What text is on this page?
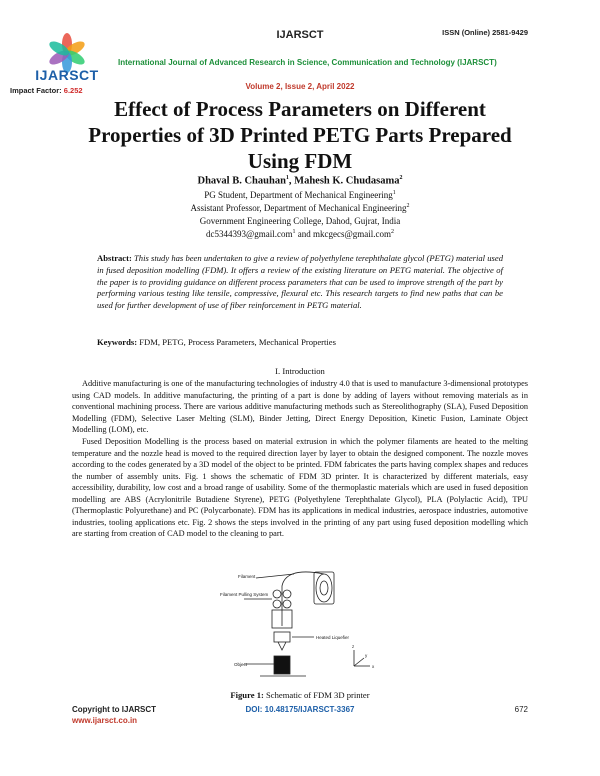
IJARSCT
Impact Factor: 6.252
IJARSCT	ISSN (Online) 2581-9429
International Journal of Advanced Research in Science, Communication and Technology (IJARSCT)
Volume 2, Issue 2, April 2022
Effect of Process Parameters on Different Properties of 3D Printed PETG Parts Prepared Using FDM
Dhaval B. Chauhan$^1$, Mahesh K. Chudasama$^2$
PG Student, Department of Mechanical Engineering$^1$
Assistant Professor, Department of Mechanical Engineering$^2$
Government Engineering College, Dahod, Gujrat, India
dc5344393@gmail.com$^1$ and mkcgecs@gmail.com$^2$
Abstract: This study has been undertaken to give a review of polyethylene terephthalate glycol (PETG) material used in fused deposition modelling (FDM). It offers a review of the existing literature on PETG material. The objective of the paper is to providing guidance on different process parameters that can be used to improve strength of the part by performing various testing like tensile, compressive, flexural etc. This research targets to find new paths that can be used for further development of use of fiber reinforcement in PETG material.
Keywords: FDM, PETG, Process Parameters, Mechanical Properties
I. Introduction
Additive manufacturing is one of the manufacturing technologies of industry 4.0 that is used to manufacture 3-dimensional prototypes using CAD models. In additive manufacturing, the printing of a part is done by adding of layers without removing materials as in conventional machining process. There are various additive manufacturing methods such as Stereolithography (SLA), Fused Deposition Modelling (FDM), Selective Laser Melting (SLM), Binder Jetting, Direct Energy Deposition, Kinetic Fusion, Laminate Object Modelling (LOM), etc.
Fused Deposition Modelling is the process based on material extrusion in which the polymer filaments are heated to the melting temperature and the nozzle head is moved to the required direction layer by layer to obtain the designed component. The nozzle moves according to the codes generated by a 3D model of the object to be printed. FDM fabricates the parts having complex shapes and reduces the number of assembly units. Fig. 1 shows the schematic of FDM 3D printer. It is characterized by different materials, easy accessibility, durability, low cost and a broad range of usability. Some of the thermoplastic materials which are used in fused deposition modelling are ABS (Acrylonitrile Butadiene Styrene), PETG (Polyethylene Terephthalate Glycol), PLA (Polylactic Acid), TPU (Thermoplastic Polyurethane) and PC (Polycarbonate). FDM has its applications in medical industries, aerospace industries, automotive industries, tooling applications etc. Fig. 2 shows the steps involved in the printing of any part using fused deposition modelling which are starting from creation of CAD model to the cleaning to part.
Filament
Filament Pulling System
Heated Liquefier
Object
z
x
y
Figure 1: Schematic of FDM 3D printer
Copyright to IJARSCT
www.ijarsct.co.in
DOI: 10.48175/IJARSCT-3367	672
